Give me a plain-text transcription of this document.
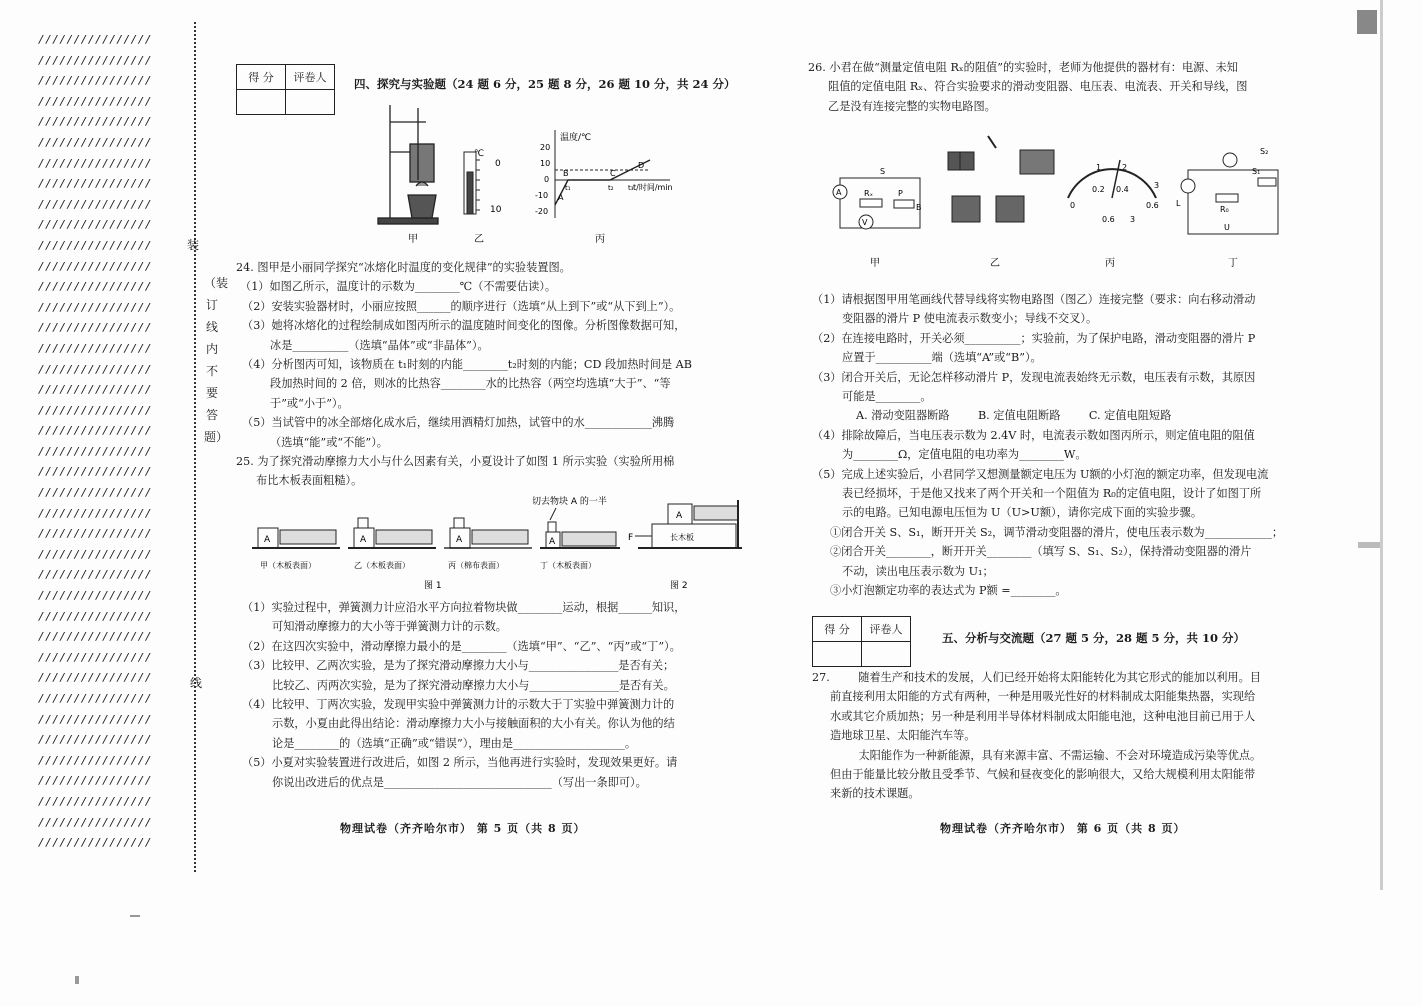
////////////////
////////////////
////////////////
////////////////
////////////////
////////////////
////////////////
////////////////
////////////////
////////////////
////////////////
////////////////
////////////////
////////////////
////////////////
////////////////
////////////////
////////////////
////////////////
////////////////
////////////////
////////////////
////////////////
////////////////
////////////////
////////////////
////////////////
////////////////
////////////////
////////////////
////////////////
////////////////
////////////////
////////////////
////////////////
////////////////
////////////////
////////////////
////////////////
////////////////
装
（装订线内不要答题）
线
得 分	评卷人
	四、探究与实验题（24 题 6 分，25 题 8 分，26 题 10 分，共 24 分）
℃
0
10
温度/℃
t/时间/min
20
10
0
-10
-20
B	C
D
A
t₁	t₂ t₃
甲	乙	丙

24. 图甲是小丽同学探究“冰熔化时温度的变化规律”的实验装置图。

（1）如图乙所示，温度计的示数为________℃（不需要估读）。

（2）安装实验器材时，小丽应按照______的顺序进行（选填“从上到下”或“从下到上”）。

（3）她将冰熔化的过程绘制成如图丙所示的温度随时间变化的图像。分析图像数据可知，

冰是__________（选填“晶体”或“非晶体”）。

（4）分析图丙可知，该物质在 t₁时刻的内能________t₂时刻的内能；CD 段加热时间是 AB

段加热时间的 2 倍，则冰的比热容________水的比热容（两空均选填“大于”、“等

于”或“小于”）。

（5）当试管中的冰全部熔化成水后，继续用酒精灯加热，试管中的水____________沸腾

（选填“能”或“不能”）。

25. 为了探究滑动摩擦力大小与什么因素有关，小夏设计了如图 1 所示实验（实验所用棉

布比木板表面粗糙）。

A	A	A	A
A
长木板
F
切去物块 A 的一半
甲（木板表面）	乙（木板表面）	丙（棉布表面）	丁（木板表面）
图 1	图 2

（1）实验过程中，弹簧测力计应沿水平方向拉着物块做________运动，根据______知识，

可知滑动摩擦力的大小等于弹簧测力计的示数。

（2）在这四次实验中，滑动摩擦力最小的是________（选填“甲”、“乙”、“丙”或“丁”）。

（3）比较甲、乙两次实验，是为了探究滑动摩擦力大小与________________是否有关；

比较乙、丙两次实验，是为了探究滑动摩擦力大小与________________是否有关。

（4）比较甲、丁两次实验，发现甲实验中弹簧测力计的示数大于丁实验中弹簧测力计的

示数，小夏由此得出结论：滑动摩擦力大小与接触面积的大小有关。你认为他的结

论是________的（选填“正确”或“错误”），理由是____________________。

（5）小夏对实验装置进行改进后，如图 2 所示，当他再进行实验时，发现效果更好。请

你说出改进后的优点是______________________________（写出一条即可）。

物理试卷（齐齐哈尔市） 第 5 页（共 8 页）

26. 小君在做“测量定值电阻 Rₓ的阻值”的实验时，老师为他提供的器材有：电源、未知

阻值的定值电阻 Rₓ、符合实验要求的滑动变阻器、电压表、电流表、开关和导线，图

乙是没有连接完整的实物电路图。

A	Rₓ
S
P
B
V
1	2
0.2 0.4	3
0	0.6
0.6 3
L
R₀
U
S₁
S₂
甲	乙	丙	丁

（1）请根据图甲用笔画线代替导线将实物电路图（图乙）连接完整（要求：向右移动滑动

变阻器的滑片 P 使电流表示数变小；导线不交叉）。

（2）在连接电路时，开关必须__________；实验前，为了保护电路，滑动变阻器的滑片 P

应置于__________端（选填“A”或“B”）。

（3）闭合开关后，无论怎样移动滑片 P，发现电流表始终无示数，电压表有示数，其原因

可能是________。

A. 滑动变阻器断路        B. 定值电阻断路        C. 定值电阻短路

（4）排除故障后，当电压表示数为 2.4V 时，电流表示数如图丙所示，则定值电阻的阻值

为________Ω，定值电阻的电功率为________W。

（5）完成上述实验后，小君同学又想测量额定电压为 U额的小灯泡的额定功率，但发现电流

表已经损坏，于是他又找来了两个开关和一个阻值为 R₀的定值电阻，设计了如图丁所

示的电路。已知电源电压恒为 U（U>U额），请你完成下面的实验步骤。

①闭合开关 S、S₁，断开开关 S₂，调节滑动变阻器的滑片，使电压表示数为____________；

②闭合开关________，断开开关________（填写 S、S₁、S₂），保持滑动变阻器的滑片

不动，读出电压表示数为 U₁；

③小灯泡额定功率的表达式为 P额 =________。

得 分	评卷人

五、分析与交流题（27 题 5 分，28 题 5 分，共 10 分）

27.        随着生产和技术的发展，人们已经开始将太阳能转化为其它形式的能加以利用。目

前直接利用太阳能的方式有两种，一种是用吸光性好的材料制成太阳能集热器，实现给

水或其它介质加热；另一种是利用半导体材料制成太阳能电池，这种电池目前已用于人

造地球卫星、太阳能汽车等。

太阳能作为一种新能源，具有来源丰富、不需运输、不会对环境造成污染等优点。

但由于能量比较分散且受季节、气候和昼夜变化的影响很大，又给大规模利用太阳能带

来新的技术课题。

物理试卷（齐齐哈尔市） 第 6 页（共 8 页）
